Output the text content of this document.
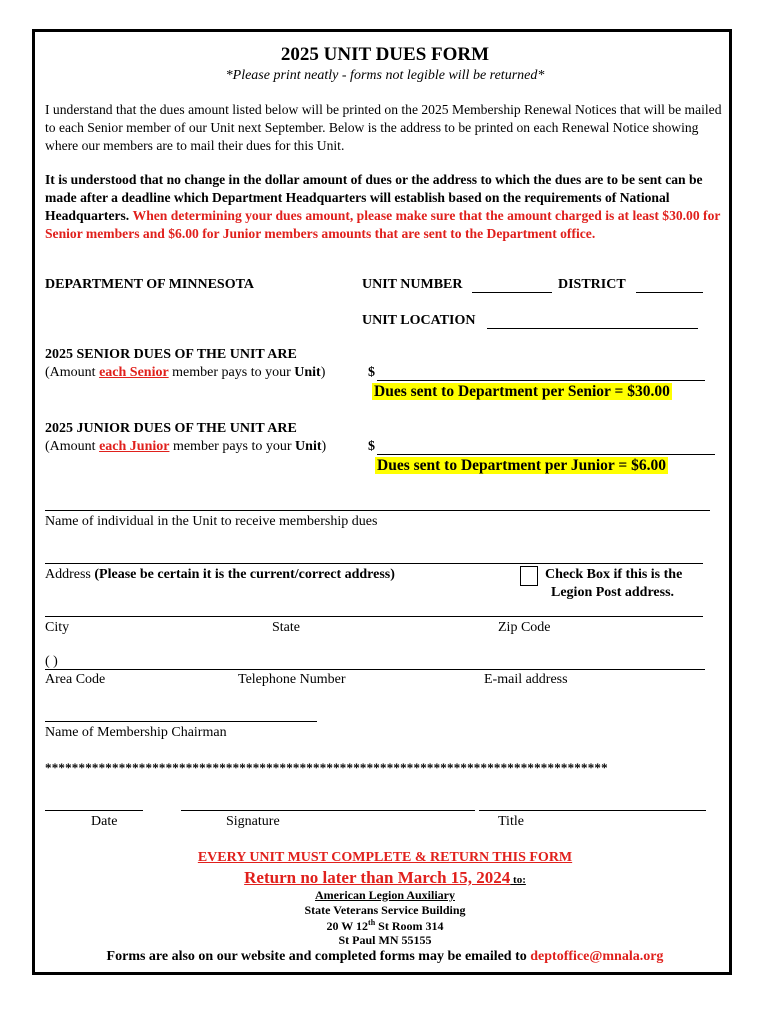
2025 UNIT DUES FORM
*Please print neatly - forms not legible will be returned*
I understand that the dues amount listed below will be printed on the 2025 Membership Renewal Notices that will be mailed to each Senior member of our Unit next September. Below is the address to be printed on each Renewal Notice showing where our members are to mail their dues for this Unit.
It is understood that no change in the dollar amount of dues or the address to which the dues are to be sent can be made after a deadline which Department Headquarters will establish based on the requirements of National Headquarters. When determining your dues amount, please make sure that the amount charged is at least $30.00 for Senior members and $6.00 for Junior members amounts that are sent to the Department office.
DEPARTMENT OF MINNESOTA	UNIT NUMBER	DISTRICT
UNIT LOCATION
2025 SENIOR DUES OF THE UNIT ARE
(Amount each Senior member pays to your Unit)	$
Dues sent to Department per Senior = $30.00
2025 JUNIOR DUES OF THE UNIT ARE
(Amount each Junior member pays to your Unit)	$
Dues sent to Department per Junior = $6.00
Name of individual in the Unit to receive membership dues
Address (Please be certain it is the current/correct address)	Check Box if this is the
Legion Post address.
City	State	Zip Code
( )
Area Code	Telephone Number	E-mail address
Name of Membership Chairman
************************************************************************************
Date	Signature	Title
EVERY UNIT MUST COMPLETE & RETURN THIS FORM
Return no later than March 15, 2024 to:
American Legion Auxiliary
State Veterans Service Building
20 W 12th St Room 314
St Paul MN 55155
Forms are also on our website and completed forms may be emailed to deptoffice@mnala.org
